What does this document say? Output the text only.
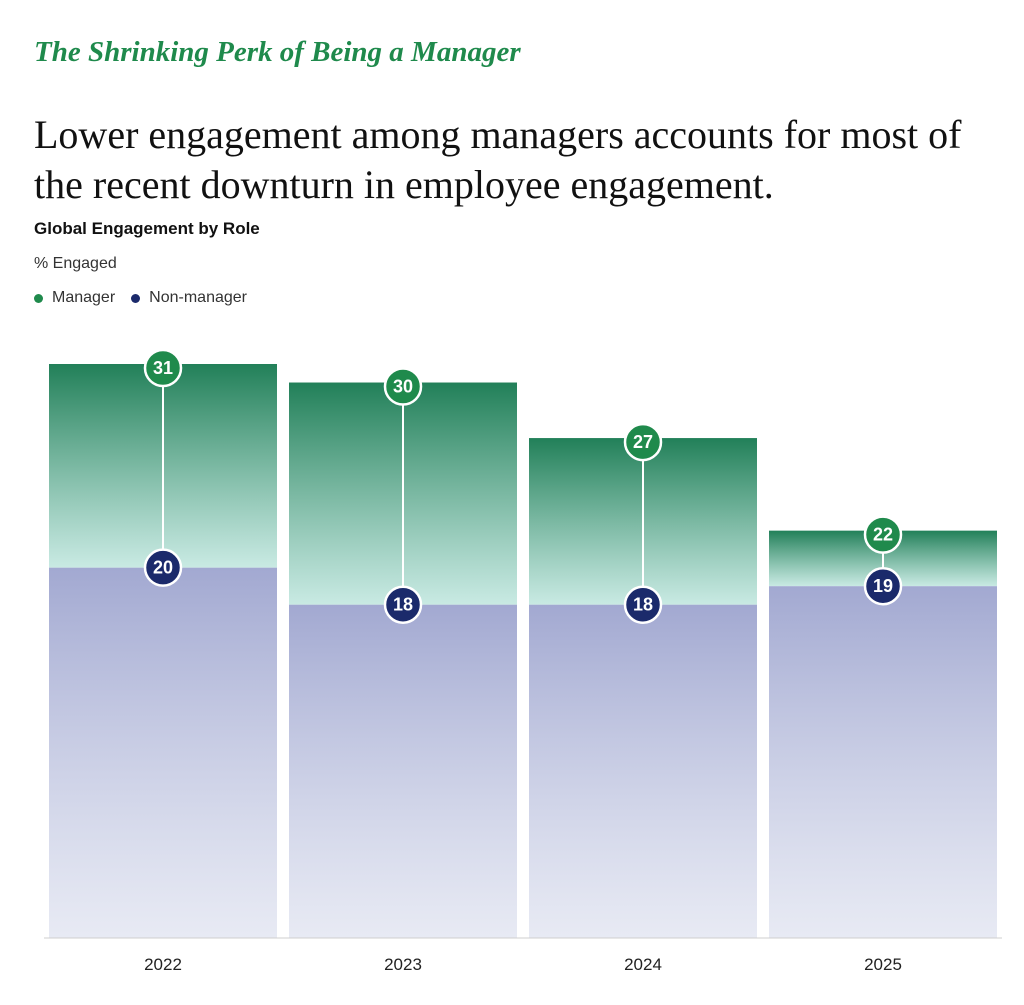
The Shrinking Perk of Being a Manager
Lower engagement among managers accounts for most of the recent downturn in employee engagement.
Global Engagement by Role
% Engaged
Manager Non-manager
31
20
30
18
27
18
22
19
2022	2023	2024	2025
